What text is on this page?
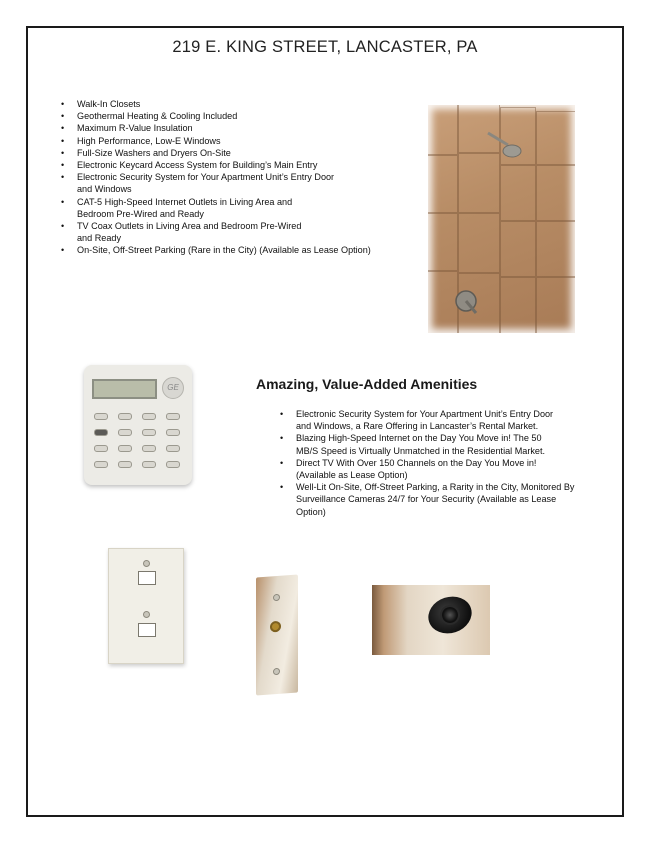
219 E. KING STREET, LANCASTER, PA
• Walk-In Closets
• Geothermal Heating & Cooling Included
• Maximum R-Value Insulation
• High Performance, Low-E Windows
• Full-Size Washers and Dryers On-Site
• Electronic Keycard Access System for Building’s Main Entry
• Electronic Security System for Your Apartment Unit’s Entry Door and Windows
• CAT-5 High-Speed Internet Outlets in Living Area and Bedroom Pre-Wired and Ready
• TV Coax Outlets in Living Area and Bedroom Pre-Wired and Ready
• On-Site, Off-Street Parking (Rare in the City) (Available as Lease Option)
GE	Amazing, Value-Added Amenities
• Electronic Security System for Your Apartment Unit’s Entry Door and Windows, a Rare Offering in Lancaster’s Rental Market.
• Blazing High-Speed Internet on the Day You Move in! The 50 MB/S Speed is Virtually Unmatched in the Residential Market.
• Direct TV With Over 150 Channels on the Day You Move in! (Available as Lease Option)
• Well-Lit On-Site, Off-Street Parking, a Rarity in the City, Monitored By Surveillance Cameras 24/7 for Your Security (Available as Lease Option)
